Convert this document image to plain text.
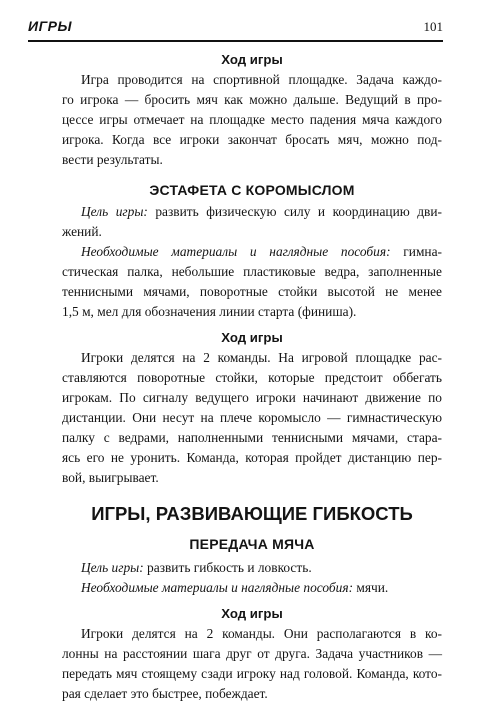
ИГРЫ	101
Ход игры
Игра проводится на спортивной площадке. Задача каждо-
го игрока — бросить мяч как можно дальше. Ведущий в про-
цессе игры отмечает на площадке место падения мяча каждого
игрока. Когда все игроки закончат бросать мяч, можно под-
вести результаты.
ЭСТАФЕТА С КОРОМЫСЛОМ
Цель игры: развить физическую силу и координацию дви-
жений.
Необходимые материалы и наглядные пособия: гимна-
стическая палка, небольшие пластиковые ведра, заполненные
теннисными мячами, поворотные стойки высотой не менее
1,5 м, мел для обозначения линии старта (финиша).
Ход игры
Игроки делятся на 2 команды. На игровой площадке рас-
ставляются поворотные стойки, которые предстоит оббегать
игрокам. По сигналу ведущего игроки начинают движение по
дистанции. Они несут на плече коромысло — гимнастическую
палку с ведрами, наполненными теннисными мячами, стара-
ясь его не уронить. Команда, которая пройдет дистанцию пер-
вой, выигрывает.
ИГРЫ, РАЗВИВАЮЩИЕ ГИБКОСТЬ
ПЕРЕДАЧА МЯЧА
Цель игры: развить гибкость и ловкость.
Необходимые материалы и наглядные пособия: мячи.
Ход игры
Игроки делятся на 2 команды. Они располагаются в ко-
лонны на расстоянии шага друг от друга. Задача участников —
передать мяч стоящему сзади игроку над головой. Команда, кото-
рая сделает это быстрее, побеждает.
